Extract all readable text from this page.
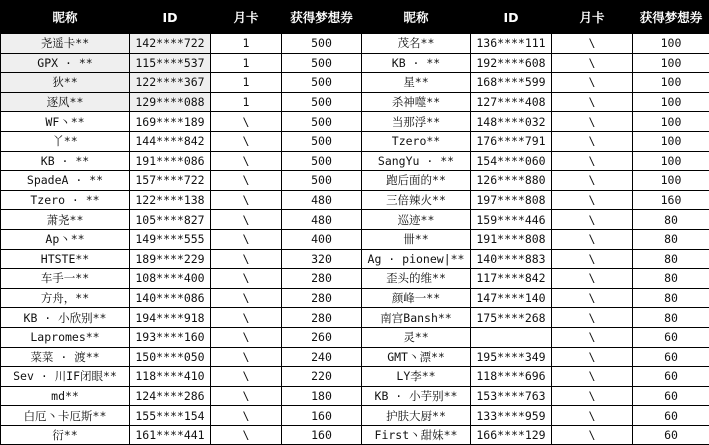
昵称	ID	月卡	获得梦想券	昵称	ID	月卡	获得梦想券
尧遥卡**	142****722	1	500	茂名**	136****111	\	100
GPX · **	115****537	1	500	KB · **	192****608	\	100
狄**	122****367	1	500	星**	168****599	\	100
逐风**	129****088	1	500	杀神噬**	127****408	\	100
WF丶**	169****189	\	500	当那浮**	148****032	\	100
丫**	144****842	\	500	Tzero**	176****791	\	100
KB · **	191****086	\	500	SangYu · **	154****060	\	100
SpadeA · **	157****722	\	500	跑后面的**	126****880	\	100
Tzero · **	122****138	\	480	三倍辣火**	197****808	\	160
萧尧**	105****827	\	480	巡迹**	159****446	\	80
Ap丶**	149****555	\	400	卌**	191****808	\	80
HTSTE**	189****229	\	320	Ag · pionew|**	140****883	\	80
车手一**	108****400	\	280	歪头的维**	117****842	\	80
方舟，**	140****086	\	280	颜峰一**	147****140	\	80
KB · 小欣别**	194****918	\	280	南宫Bansh**	175****268	\	80
Lapromes**	193****160	\	260	灵**		\	60
菜菜 · 渡**	150****050	\	240	GMT丶漂**	195****349	\	60
Sev · 川IF闭眼**	118****410	\	220	LY李**	118****696	\	60
md**	124****286	\	180	KB · 小芋别**	153****763	\	60
白厄丶卡厄斯**	155****154	\	160	护肤大厨**	133****959	\	60
衍**	161****441	\	160	First丶甜妹**	166****129	\	60
